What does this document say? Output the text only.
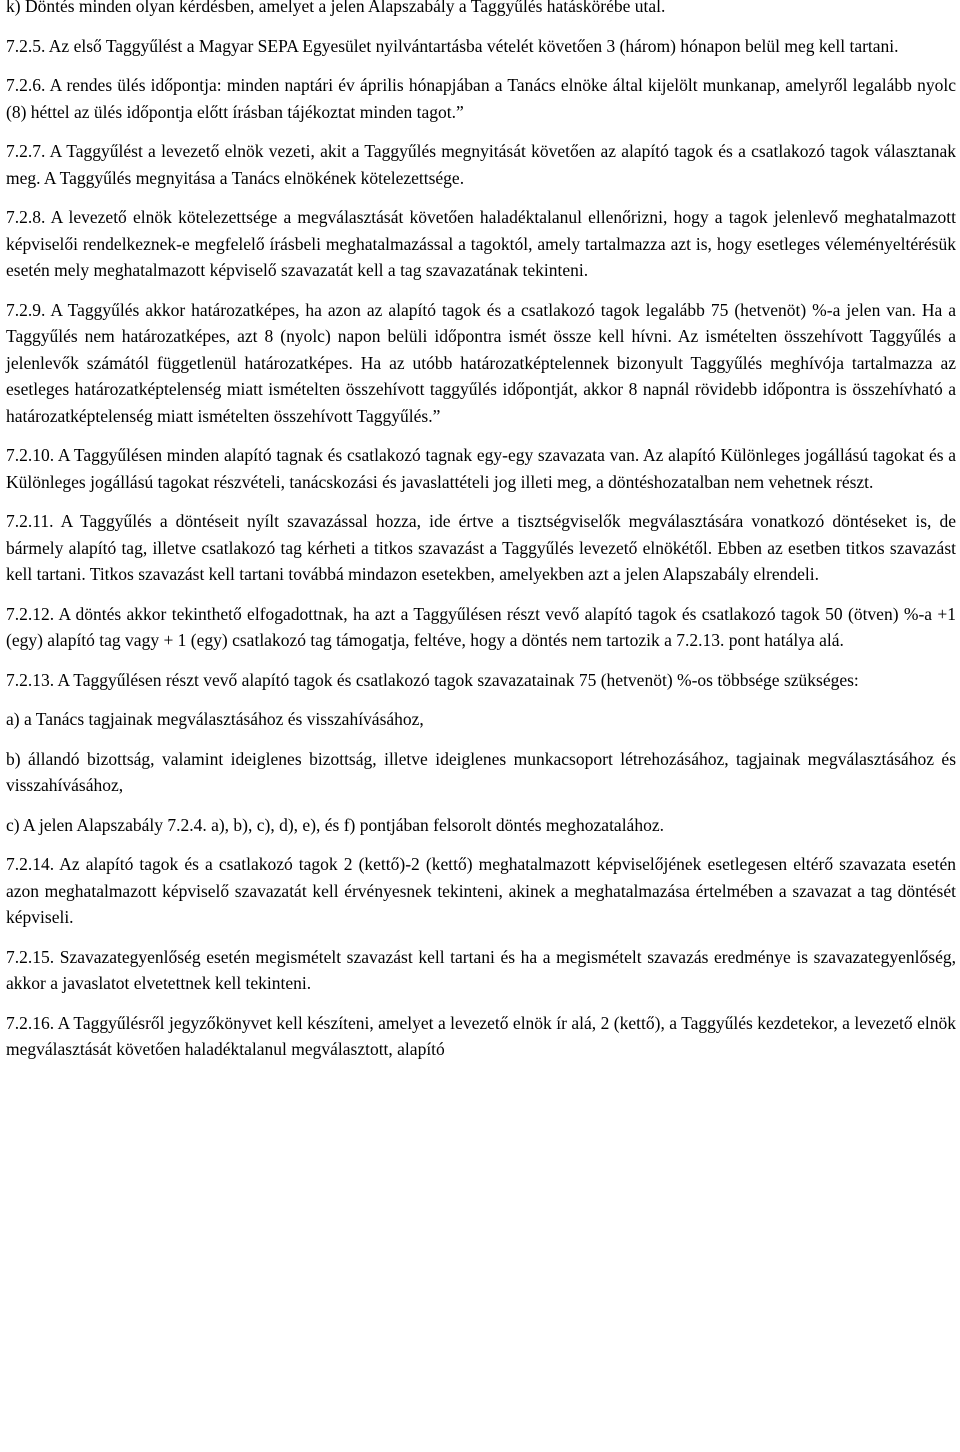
k) Döntés minden olyan kérdésben, amelyet a jelen Alapszabály a Taggyűlés hatáskörébe utal.

7.2.5. Az első Taggyűlést a Magyar SEPA Egyesület nyilvántartásba vételét követően 3 (három) hónapon belül meg kell tartani.

7.2.6. A rendes ülés időpontja: minden naptári év április hónapjában a Tanács elnöke által kijelölt munkanap, amelyről legalább nyolc (8) héttel az ülés időpontja előtt írásban tájékoztat minden tagot.”

7.2.7. A Taggyűlést a levezető elnök vezeti, akit a Taggyűlés megnyitását követően az alapító tagok és a csatlakozó tagok választanak meg. A Taggyűlés megnyitása a Tanács elnökének kötelezettsége.

7.2.8. A levezető elnök kötelezettsége a megválasztását követően haladéktalanul ellenőrizni, hogy a tagok jelenlevő meghatalmazott képviselői rendelkeznek-e megfelelő írásbeli meghatalmazással a tagoktól, amely tartalmazza azt is, hogy esetleges véleményeltérésük esetén mely meghatalmazott képviselő szavazatát kell a tag szavazatának tekinteni.

7.2.9. A Taggyűlés akkor határozatképes, ha azon az alapító tagok és a csatlakozó tagok legalább 75 (hetvenöt) %-a jelen van. Ha a Taggyűlés nem határozatképes, azt 8 (nyolc) napon belüli időpontra ismét össze kell hívni. Az ismételten összehívott Taggyűlés a jelenlevők számától függetlenül határozatképes. Ha az utóbb határozatképtelennek bizonyult Taggyűlés meghívója tartalmazza az esetleges határozatképtelenség miatt ismételten összehívott taggyűlés időpontját, akkor 8 napnál rövidebb időpontra is összehívható a határozatképtelenség miatt ismételten összehívott Taggyűlés.”

7.2.10. A Taggyűlésen minden alapító tagnak és csatlakozó tagnak egy-egy szavazata van. Az alapító Különleges jogállású tagokat és a Különleges jogállású tagokat részvételi, tanácskozási és javaslattételi jog illeti meg, a döntéshozatalban nem vehetnek részt.

7.2.11. A Taggyűlés a döntéseit nyílt szavazással hozza, ide értve a tisztségviselők megválasztására vonatkozó döntéseket is, de bármely alapító tag, illetve csatlakozó tag kérheti a titkos szavazást a Taggyűlés levezető elnökétől. Ebben az esetben titkos szavazást kell tartani. Titkos szavazást kell tartani továbbá mindazon esetekben, amelyekben azt a jelen Alapszabály elrendeli.

7.2.12. A döntés akkor tekinthető elfogadottnak, ha azt a Taggyűlésen részt vevő alapító tagok és csatlakozó tagok 50 (ötven) %-a +1 (egy) alapító tag vagy + 1 (egy) csatlakozó tag támogatja, feltéve, hogy a döntés nem tartozik a 7.2.13. pont hatálya alá.

7.2.13. A Taggyűlésen részt vevő alapító tagok és csatlakozó tagok szavazatainak 75 (hetvenöt) %-os többsége szükséges:

a) a Tanács tagjainak megválasztásához és visszahívásához,

b) állandó bizottság, valamint ideiglenes bizottság, illetve ideiglenes munkacsoport létrehozásához, tagjainak megválasztásához és visszahívásához,

c) A jelen Alapszabály 7.2.4. a), b), c), d), e), és f) pontjában felsorolt döntés meghozatalához.

7.2.14. Az alapító tagok és a csatlakozó tagok 2 (kettő)-2 (kettő) meghatalmazott képviselőjének esetlegesen eltérő szavazata esetén azon meghatalmazott képviselő szavazatát kell érvényesnek tekinteni, akinek a meghatalmazása értelmében a szavazat a tag döntését képviseli.

7.2.15. Szavazategyenlőség esetén megismételt szavazást kell tartani és ha a megismételt szavazás eredménye is szavazategyenlőség, akkor a javaslatot elvetettnek kell tekinteni.

7.2.16. A Taggyűlésről jegyzőkönyvet kell készíteni, amelyet a levezető elnök ír alá, 2 (kettő), a Taggyűlés kezdetekor, a levezető elnök megválasztását követően haladéktalanul megválasztott, alapító
